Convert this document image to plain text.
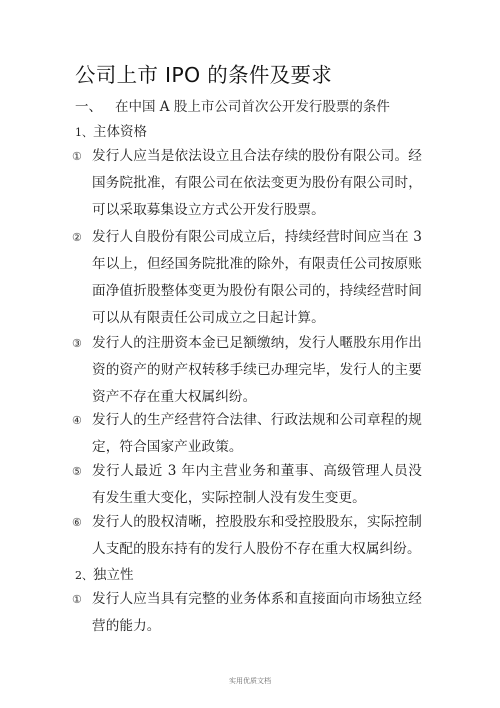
公司上市 IPO 的条件及要求
一、 在中国 A 股上市公司首次公开发行股票的条件
1、主体资格
① 发行人应当是依法设立且合法存续的股份有限公司。经国务院批准，有限公司在依法变更为股份有限公司时，可以采取募集设立方式公开发行股票。
② 发行人自股份有限公司成立后，持续经营时间应当在 3 年以上，但经国务院批准的除外，有限责任公司按原账面净值折股整体变更为股份有限公司的，持续经营时间可以从有限责任公司成立之日起计算。
③ 发行人的注册资本金已足额缴纳，发行人暱股东用作出资的资产的财产权转移手续已办理完毕，发行人的主要资产不存在重大权属纠纷。
④ 发行人的生产经营符合法律、行政法规和公司章程的规定，符合国家产业政策。
⑤ 发行人最近 3 年内主营业务和董事、高级管理人员没有发生重大变化，实际控制人没有发生变更。
⑥ 发行人的股权清晰，控股股东和受控股股东，实际控制人支配的股东持有的发行人股份不存在重大权属纠纷。
2、独立性
① 发行人应当具有完整的业务体系和直接面向市场独立经营的能力。
实用优质文档
